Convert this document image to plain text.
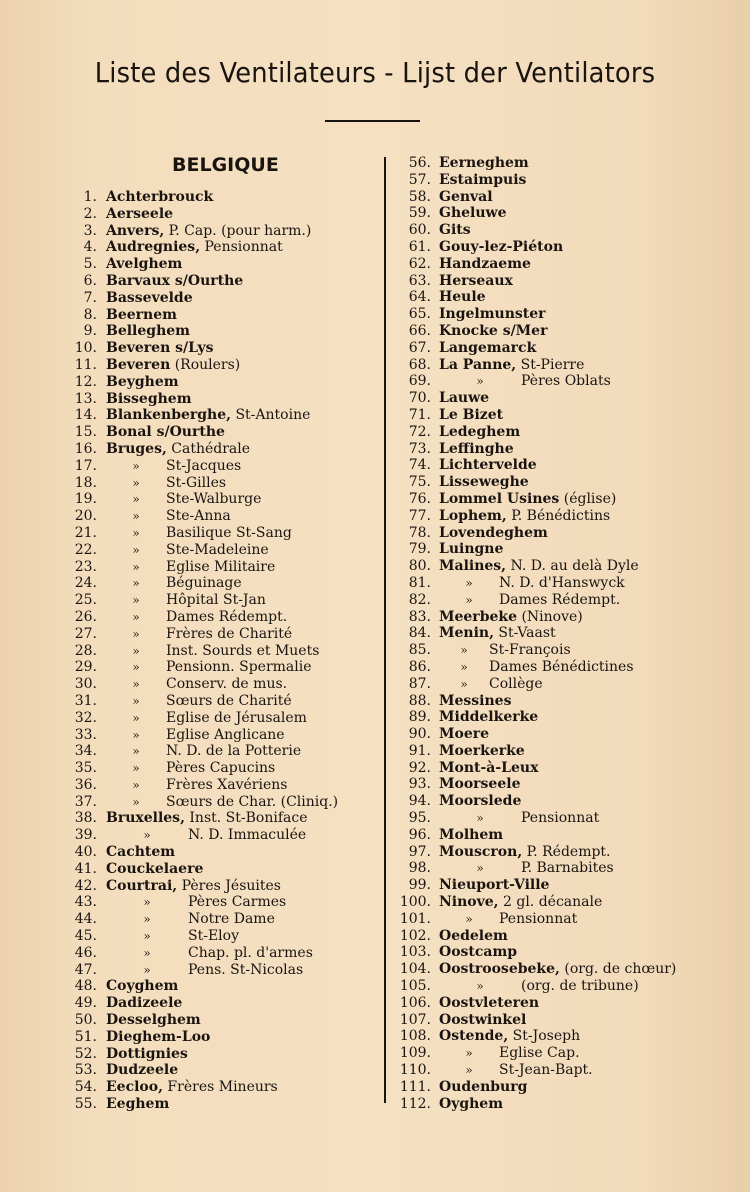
Liste des Ventilateurs - Lijst der Ventilators
BELGIQUE
1. Achterbrouck
2. Aerseele
3. Anvers, P. Cap. (pour harm.)
4. Audregnies, Pensionnat
5. Avelghem
6. Barvaux s/Ourthe
7. Bassevelde
8. Beernem
9. Belleghem
10. Beveren s/Lys
11. Beveren (Roulers)
12. Beyghem
13. Bisseghem
14. Blankenberghe, St-Antoine
15. Bonal s/Ourthe
16. Bruges, Cathédrale
17.	» St-Jacques
18.	» St-Gilles
19.	» Ste-Walburge
20.	» Ste-Anna
21.	» Basilique St-Sang
22.	» Ste-Madeleine
23.	» Eglise Militaire
24.	» Béguinage
25.	» Hôpital St-Jan
26.	» Dames Rédempt.
27.	» Frères de Charité
28.	» Inst. Sourds et Muets
29.	» Pensionn. Spermalie
30.	» Conserv. de mus.
31.	» Sœurs de Charité
32.	» Eglise de Jérusalem
33.	» Eglise Anglicane
34.	» N. D. de la Potterie
35.	» Pères Capucins
36.	» Frères Xavériens
37.	» Sœurs de Char. (Cliniq.)
38. Bruxelles, Inst. St-Boniface
39.	»	N. D. Immaculée
40. Cachtem
41. Couckelaere
42. Courtrai, Pères Jésuites
43.	»	Pères Carmes
44.	»	Notre Dame
45.	»	St-Eloy
46.	»	Chap. pl. d'armes
47.	»	Pens. St-Nicolas
48. Coyghem
49. Dadizeele
50. Desselghem
51. Dieghem-Loo
52. Dottignies
53. Dudzeele
54. Eecloo, Frères Mineurs
55. Eeghem
56. Eerneghem
57. Estaimpuis
58. Genval
59. Gheluwe
60. Gits
61. Gouy-lez-Piéton
62. Handzaeme
63. Herseaux
64. Heule
65. Ingelmunster
66. Knocke s/Mer
67. Langemarck
68. La Panne, St-Pierre
69.	»	Pères Oblats
70. Lauwe
71. Le Bizet
72. Ledeghem
73. Leffinghe
74. Lichtervelde
75. Lisseweghe
76. Lommel Usines (église)
77. Lophem, P. Bénédictins
78. Lovendeghem
79. Luingne
80. Malines, N. D. au delà Dyle
81.	» N. D. d'Hanswyck
82.	» Dames Rédempt.
83. Meerbeke (Ninove)
84. Menin, St-Vaast
85. » St-François
86. » Dames Bénédictines
87. » Collège
88. Messines
89. Middelkerke
90. Moere
91. Moerkerke
92. Mont-à-Leux
93. Moorseele
94. Moorslede
95.	»	Pensionnat
96. Molhem
97. Mouscron, P. Rédempt.
98.	»	P. Barnabites
99. Nieuport-Ville
100. Ninove, 2 gl. décanale
101.	» Pensionnat
102. Oedelem
103. Oostcamp
104. Oostroosebeke, (org. de chœur)
105.	»	(org. de tribune)
106. Oostvleteren
107. Oostwinkel
108. Ostende, St-Joseph
109.	» Eglise Cap.
110.	» St-Jean-Bapt.
111. Oudenburg
112. Oyghem
